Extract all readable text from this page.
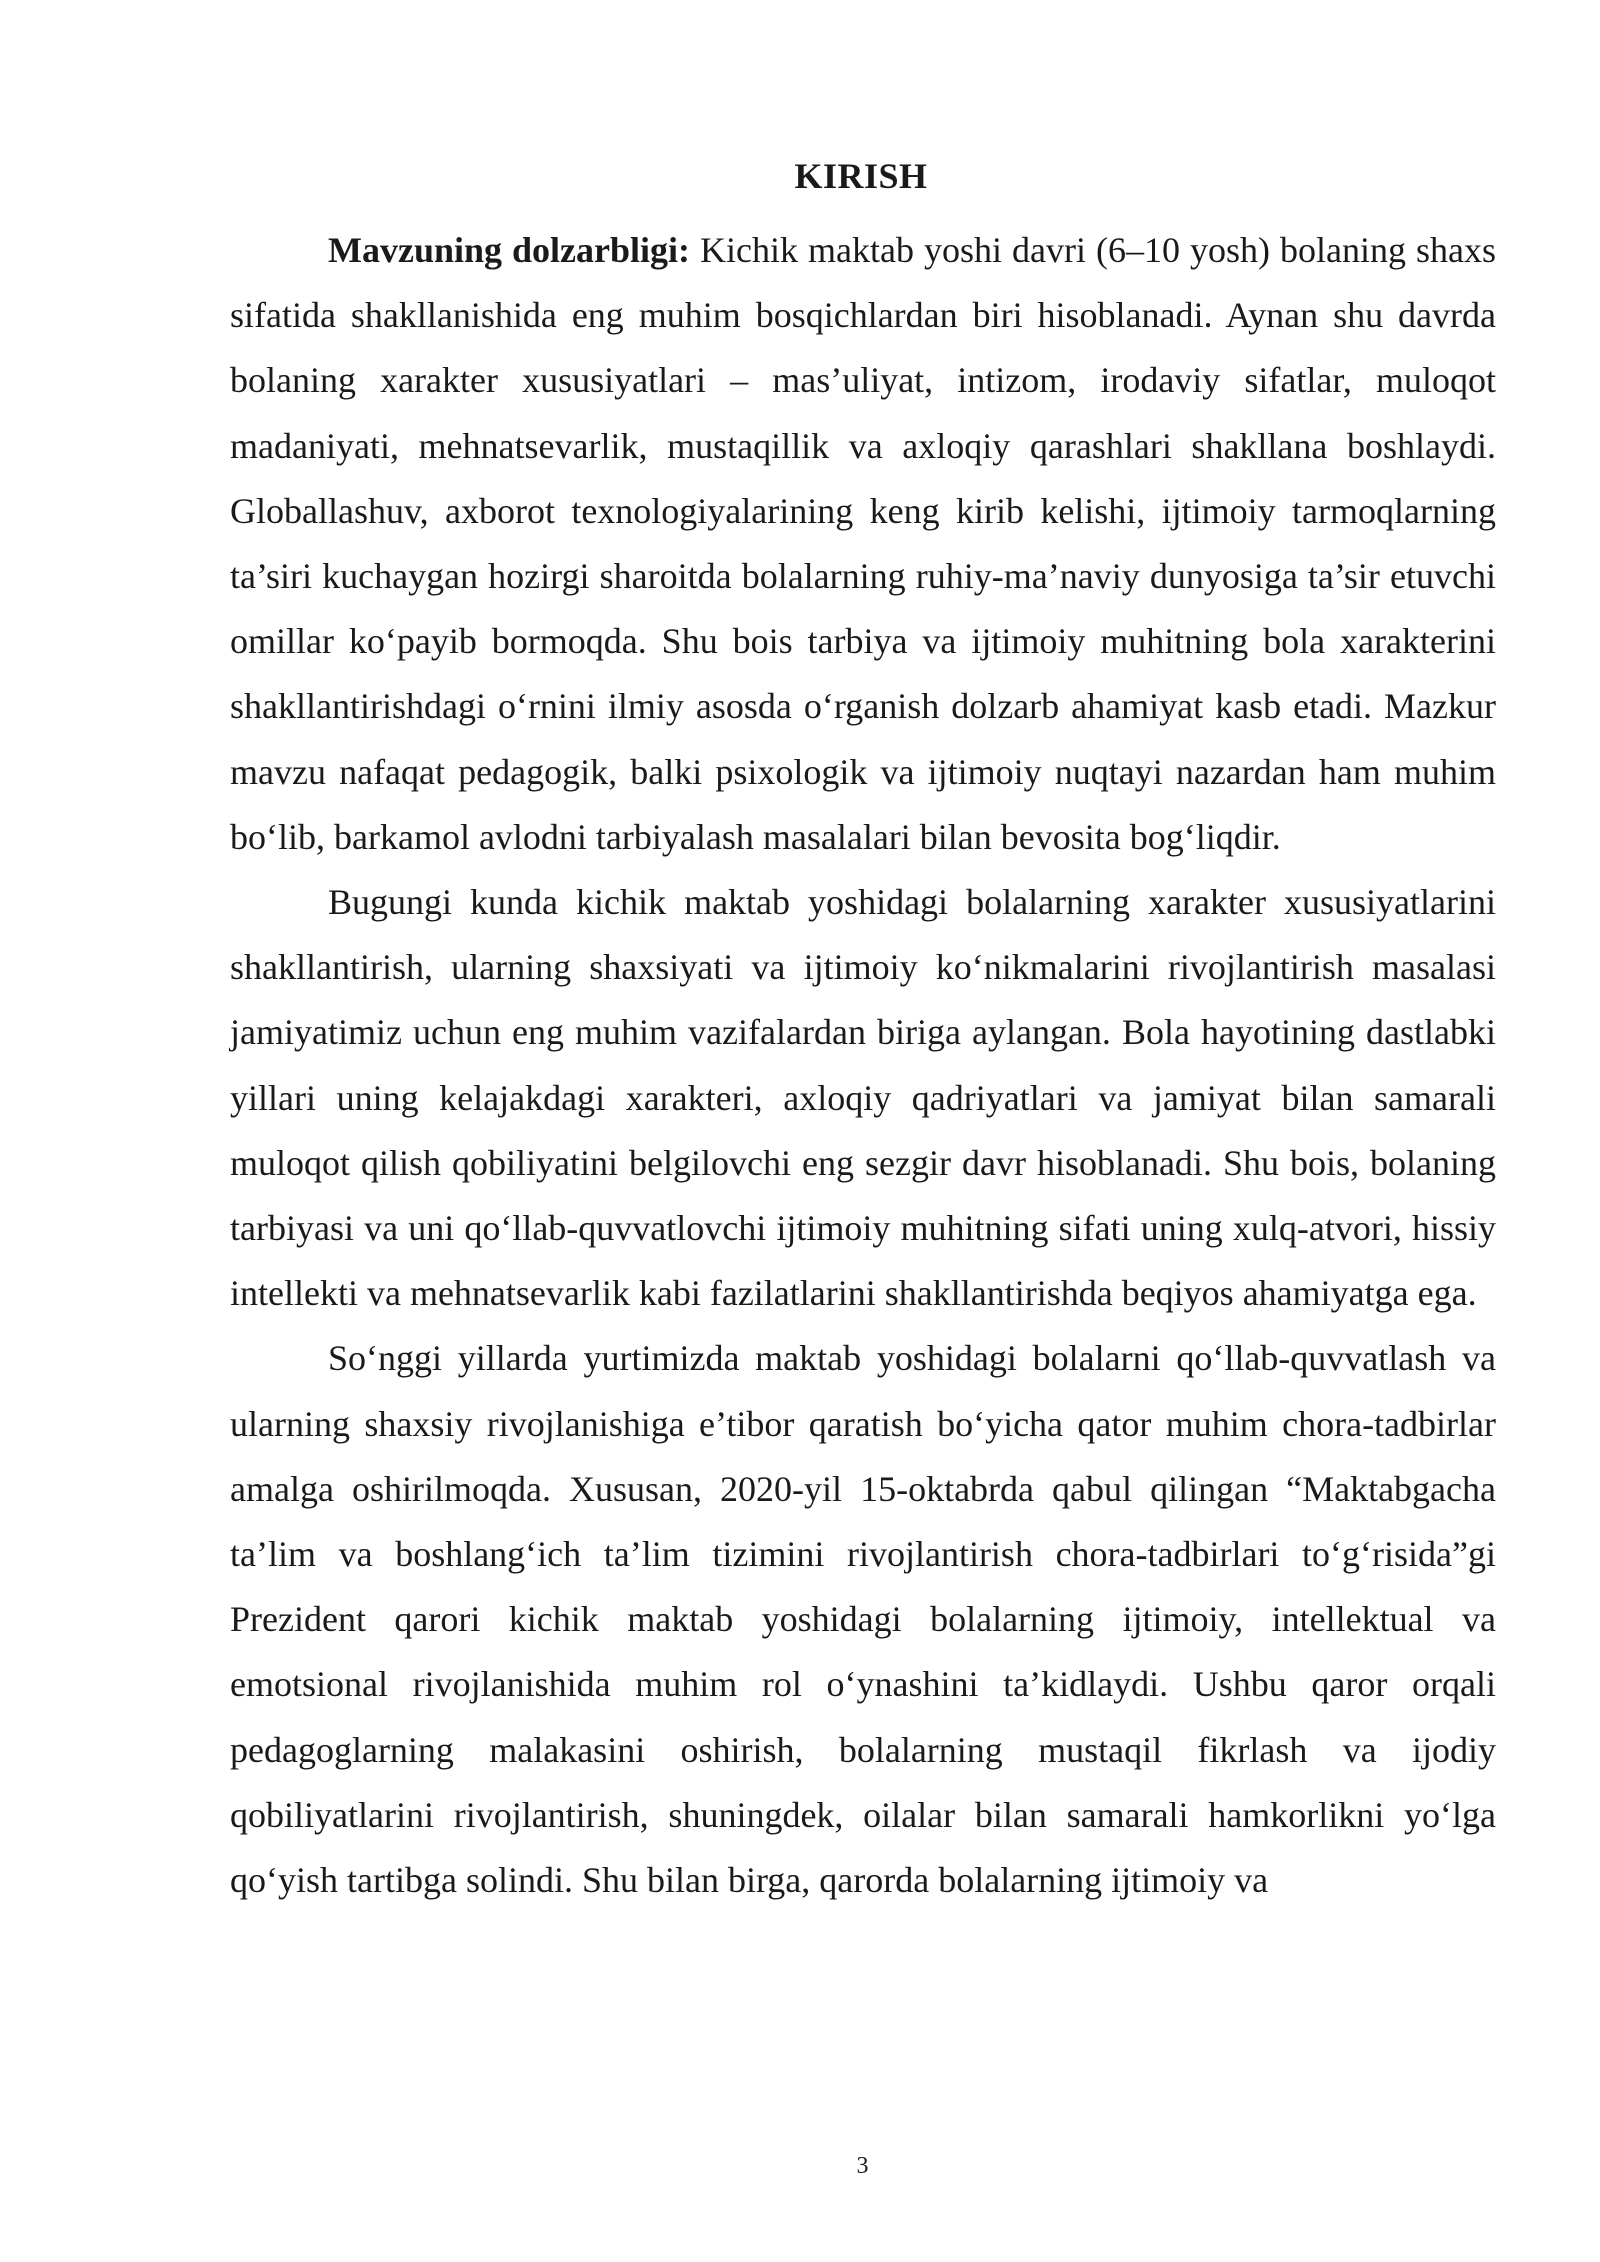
KIRISH

Mavzuning dolzarbligi: Kichik maktab yoshi davri (6–10 yosh) bolaning shaxs sifatida shakllanishida eng muhim bosqichlardan biri hisoblanadi. Aynan shu davrda bolaning xarakter xususiyatlari – mas’uliyat, intizom, irodaviy sifatlar, muloqot madaniyati, mehnatsevarlik, mustaqillik va axloqiy qarashlari shakllana boshlaydi. Globallashuv, axborot texnologiyalarining keng kirib kelishi, ijtimoiy tarmoqlarning ta’siri kuchaygan hozirgi sharoitda bolalarning ruhiy-ma’naviy dunyosiga ta’sir etuvchi omillar ko‘payib bormoqda. Shu bois tarbiya va ijtimoiy muhitning bola xarakterini shakllantirishdagi o‘rnini ilmiy asosda o‘rganish dolzarb ahamiyat kasb etadi. Mazkur mavzu nafaqat pedagogik, balki psixologik va ijtimoiy nuqtayi nazardan ham muhim bo‘lib, barkamol avlodni tarbiyalash masalalari bilan bevosita bog‘liqdir.

Bugungi kunda kichik maktab yoshidagi bolalarning xarakter xususiyatlarini shakllantirish, ularning shaxsiyati va ijtimoiy ko‘nikmalarini rivojlantirish masalasi jamiyatimiz uchun eng muhim vazifalardan biriga aylangan. Bola hayotining dastlabki yillari uning kelajakdagi xarakteri, axloqiy qadriyatlari va jamiyat bilan samarali muloqot qilish qobiliyatini belgilovchi eng sezgir davr hisoblanadi. Shu bois, bolaning tarbiyasi va uni qo‘llab-quvvatlovchi ijtimoiy muhitning sifati uning xulq-atvori, hissiy intellekti va mehnatsevarlik kabi fazilatlarini shakllantirishda beqiyos ahamiyatga ega.

So‘nggi yillarda yurtimizda maktab yoshidagi bolalarni qo‘llab-quvvatlash va ularning shaxsiy rivojlanishiga e’tibor qaratish bo‘yicha qator muhim chora-tadbirlar amalga oshirilmoqda. Xususan, 2020-yil 15-oktabrda qabul qilingan “Maktabgacha ta’lim va boshlang‘ich ta’lim tizimini rivojlantirish chora-tadbirlari to‘g‘risida”gi Prezident qarori kichik maktab yoshidagi bolalarning ijtimoiy, intellektual va emotsional rivojlanishida muhim rol o‘ynashini ta’kidlaydi. Ushbu qaror orqali pedagoglarning malakasini oshirish, bolalarning mustaqil fikrlash va ijodiy qobiliyatlarini rivojlantirish, shuningdek, oilalar bilan samarali hamkorlikni yo‘lga qo‘yish tartibga solindi. Shu bilan birga, qarorda bolalarning ijtimoiy va

3
